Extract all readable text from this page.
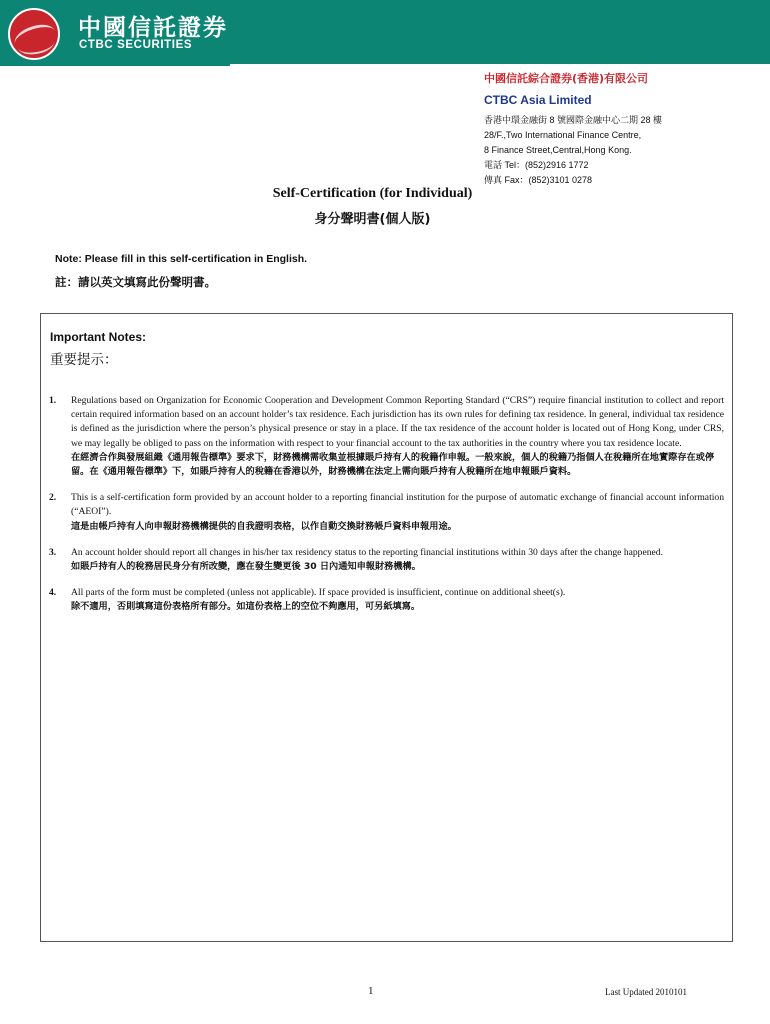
中國信託證券
CTBC SECURITIES
中國信託綜合證券(香港)有限公司
CTBC Asia Limited
香港中環金融街 8 號國際金融中心二期 28 樓
28/F.,Two International Finance Centre,
8 Finance Street,Central,Hong Kong.
電話 Tel：(852)2916 1772
傳真 Fax：(852)3101 0278
Self-Certification (for Individual)
身分聲明書(個人版)
Note: Please fill in this self-certification in English.
註：請以英文填寫此份聲明書。
Important Notes:
重要提示：
1.	Regulations based on Organization for Economic Cooperation and Development Common Reporting Standard (“CRS”) require financial institution to collect and report certain required information based on an account holder’s tax residence. Each jurisdiction has its own rules for defining tax residence. In general, individual tax residence is defined as the jurisdiction where the person’s physical presence or stay in a place. If the tax residence of the account holder is located out of Hong Kong, under CRS, we may legally be obliged to pass on the information with respect to your financial account to the tax authorities in the country where you tax residence locate.
在經濟合作與發展組織《通用報告標準》要求下，財務機構需收集並根據賬戶持有人的稅籍作申報。一般來說，個人的稅籍乃指個人在稅籍所在地實際存在或停留。在《通用報告標準》下，如賬戶持有人的稅籍在香港以外，財務機構在法定上需向賬戶持有人稅籍所在地申報賬戶資料。
2.	This is a self-certification form provided by an account holder to a reporting financial institution for the purpose of automatic exchange of financial account information (“AEOI”).
這是由帳戶持有人向申報財務機構提供的自我證明表格，以作自動交換財務帳戶資料申報用途。
3.	An account holder should report all changes in his/her tax residency status to the reporting financial institutions within 30 days after the change happened.
如賬戶持有人的稅務居民身分有所改變，應在發生變更後 30 日內通知申報財務機構。
4.	All parts of the form must be completed (unless not applicable). If space provided is insufficient, continue on additional sheet(s).
除不適用，否則填寫這份表格所有部分。如這份表格上的空位不夠應用，可另紙填寫。
1	Last Updated 2010101
